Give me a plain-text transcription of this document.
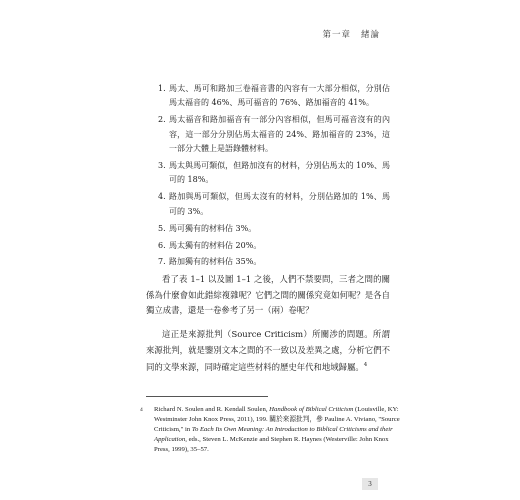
第一章 緒論
1. 馬太、馬可和路加三卷福音書的內容有一大部分相似，分別佔馬太福音的 46%、馬可福音的 76%、路加福音的 41%。
2. 馬太福音和路加福音有一部分內容相似，但馬可福音沒有的內容，這一部分分別佔馬太福音的 24%、路加福音的 23%，這一部分大體上是語錄體材料。
3. 馬太與馬可類似，但路加沒有的材料，分別佔馬太的 10%、馬可的 18%。
4. 路加與馬可類似，但馬太沒有的材料，分別佔路加的 1%、馬可的 3%。
5. 馬可獨有的材料佔 3%。
6. 馬太獨有的材料佔 20%。
7. 路加獨有的材料佔 35%。

看了表 1–1 以及圖 1–1 之後，人們不禁要問，三者之間的關係為什麼會如此錯綜複雜呢？它們之間的關係究竟如何呢？是各自獨立成書，還是一卷參考了另一（兩）卷呢？

這正是來源批判（Source Criticism）所關涉的問題。所謂來源批判，就是鑒別文本之間的不一致以及差異之處，分析它們不同的文學來源，同時確定這些材料的歷史年代和地域歸屬。$^4$

4 Richard N. Soulen and R. Kendall Soulen, Handbook of Biblical Criticism (Louisville, KY: Westminster John Knox Press, 2011), 199. 關於來源批判，參 Pauline A. Viviano, "Source Criticism," in To Each Its Own Meaning: An Introduction to Biblical Criticisms and their Application, eds., Steven L. McKenzie and Stephen R. Haynes (Westerville: John Knox Press, 1999), 35–57.

3
